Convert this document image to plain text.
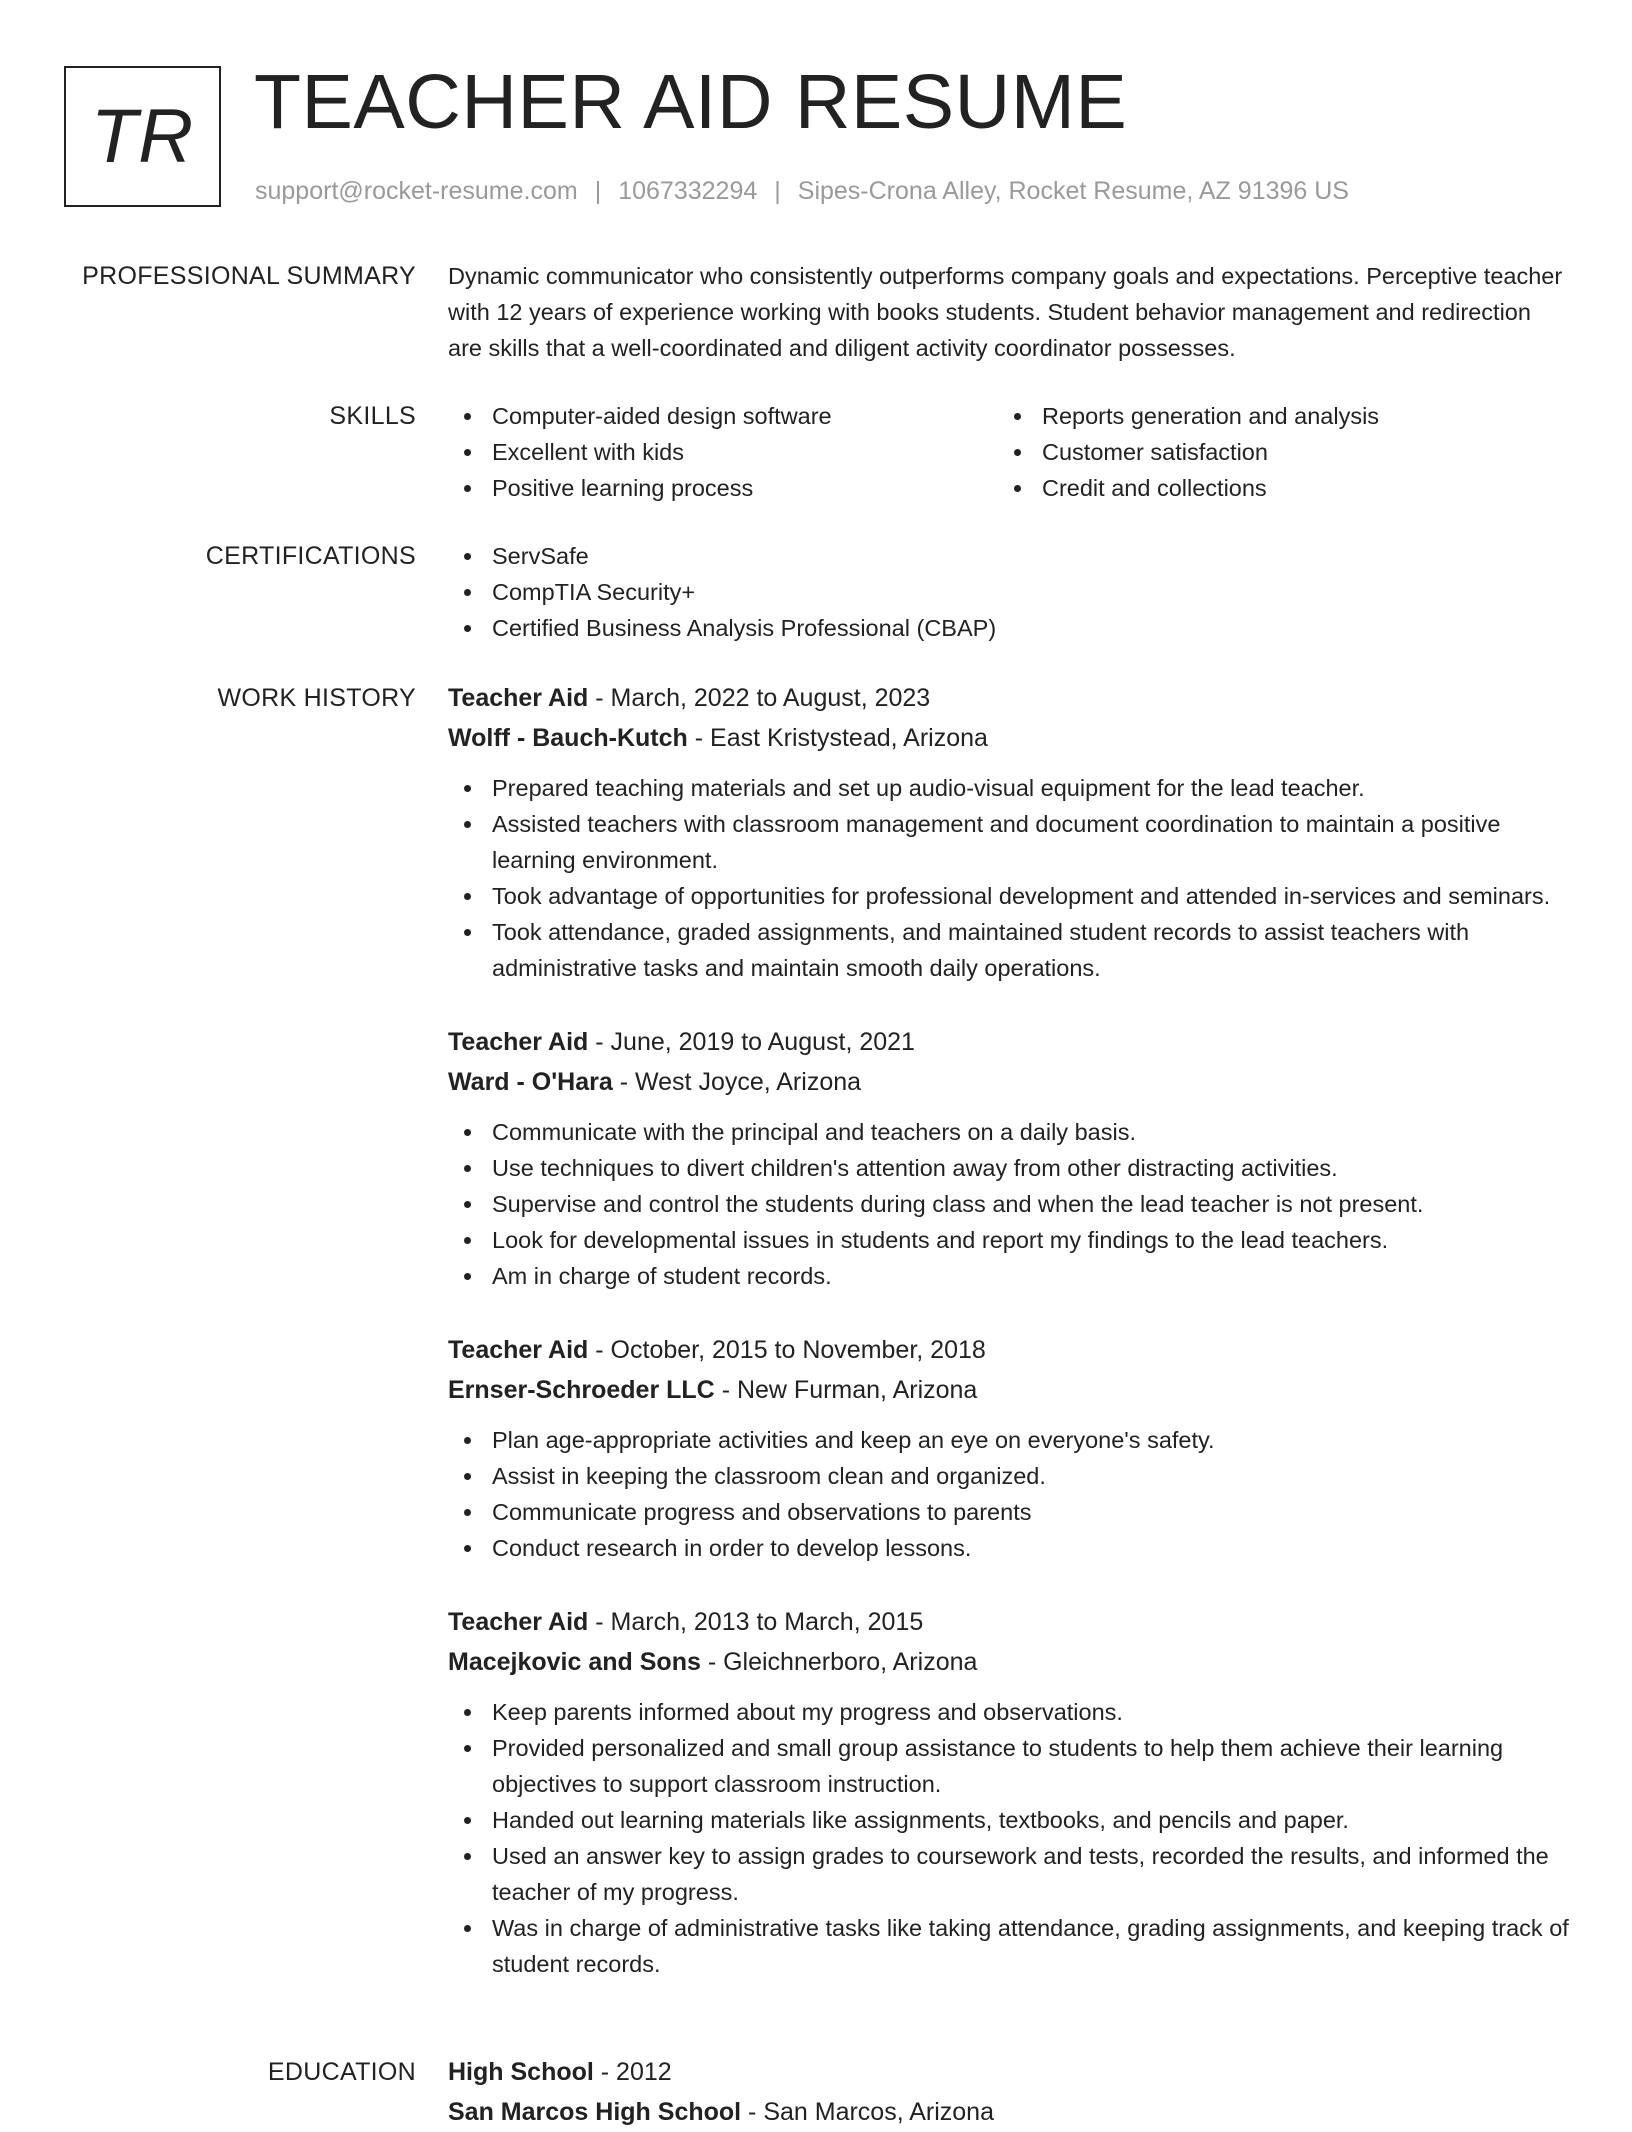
TR TEACHER AID RESUME
support@rocket-resume.com | 1067332294 | Sipes-Crona Alley, Rocket Resume, AZ 91396 US
PROFESSIONAL SUMMARY Dynamic communicator who consistently outperforms company goals and expectations. Perceptive teacher with 12 years of experience working with books students. Student behavior management and redirection are skills that a well-coordinated and diligent activity coordinator possesses.

SKILLS	Computer-aided design software
Excellent with kids
Positive learning process
Reports generation and analysis
Customer satisfaction
Credit and collections
CERTIFICATIONS	ServSafe
CompTIA Security+
Certified Business Analysis Professional (CBAP)
WORK HISTORY Teacher Aid - March, 2022 to August, 2023
Wolff - Bauch-Kutch - East Kristystead, Arizona
Prepared teaching materials and set up audio-visual equipment for the lead teacher.
Assisted teachers with classroom management and document coordination to maintain a positive learning environment.
Took advantage of opportunities for professional development and attended in-services and seminars.
Took attendance, graded assignments, and maintained student records to assist teachers with administrative tasks and maintain smooth daily operations.
Teacher Aid - June, 2019 to August, 2021
Ward - O'Hara - West Joyce, Arizona
Communicate with the principal and teachers on a daily basis.
Use techniques to divert children's attention away from other distracting activities.
Supervise and control the students during class and when the lead teacher is not present.
Look for developmental issues in students and report my findings to the lead teachers.
Am in charge of student records.
Teacher Aid - October, 2015 to November, 2018
Ernser-Schroeder LLC - New Furman, Arizona
Plan age-appropriate activities and keep an eye on everyone's safety.
Assist in keeping the classroom clean and organized.
Communicate progress and observations to parents
Conduct research in order to develop lessons.
Teacher Aid - March, 2013 to March, 2015
Macejkovic and Sons - Gleichnerboro, Arizona
Keep parents informed about my progress and observations.
Provided personalized and small group assistance to students to help them achieve their learning objectives to support classroom instruction.
Handed out learning materials like assignments, textbooks, and pencils and paper.
Used an answer key to assign grades to coursework and tests, recorded the results, and informed the teacher of my progress.
Was in charge of administrative tasks like taking attendance, grading assignments, and keeping track of student records.
EDUCATION High School - 2012
San Marcos High School - San Marcos, Arizona
